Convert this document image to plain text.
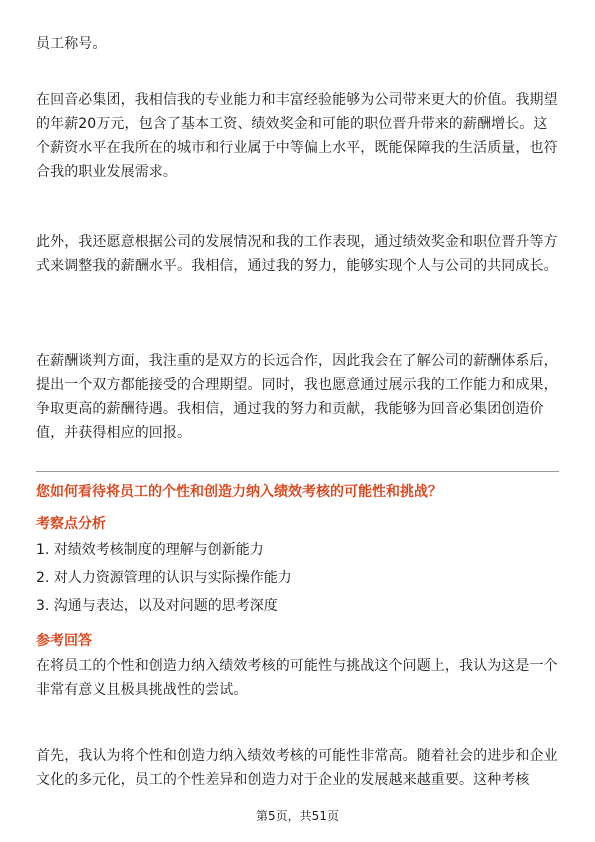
员工称号。

在回音必集团，我相信我的专业能力和丰富经验能够为公司带来更大的价值。我期望的年薪20万元，包含了基本工资、绩效奖金和可能的职位晋升带来的薪酬增长。这个薪资水平在我所在的城市和行业属于中等偏上水平，既能保障我的生活质量，也符合我的职业发展需求。

此外，我还愿意根据公司的发展情况和我的工作表现，通过绩效奖金和职位晋升等方式来调整我的薪酬水平。我相信，通过我的努力，能够实现个人与公司的共同成长。

在薪酬谈判方面，我注重的是双方的长远合作，因此我会在了解公司的薪酬体系后，提出一个双方都能接受的合理期望。同时，我也愿意通过展示我的工作能力和成果，争取更高的薪酬待遇。我相信，通过我的努力和贡献，我能够为回音必集团创造价值，并获得相应的回报。

您如何看待将员工的个性和创造力纳入绩效考核的可能性和挑战？

考察点分析

1. 对绩效考核制度的理解与创新能力
2. 对人力资源管理的认识与实际操作能力
3. 沟通与表达，以及对问题的思考深度

参考回答

在将员工的个性和创造力纳入绩效考核的可能性与挑战这个问题上，我认为这是一个非常有意义且极具挑战性的尝试。

首先，我认为将个性和创造力纳入绩效考核的可能性非常高。随着社会的进步和企业文化的多元化，员工的个性差异和创造力对于企业的发展越来越重要。这种考核

第5页，共51页
